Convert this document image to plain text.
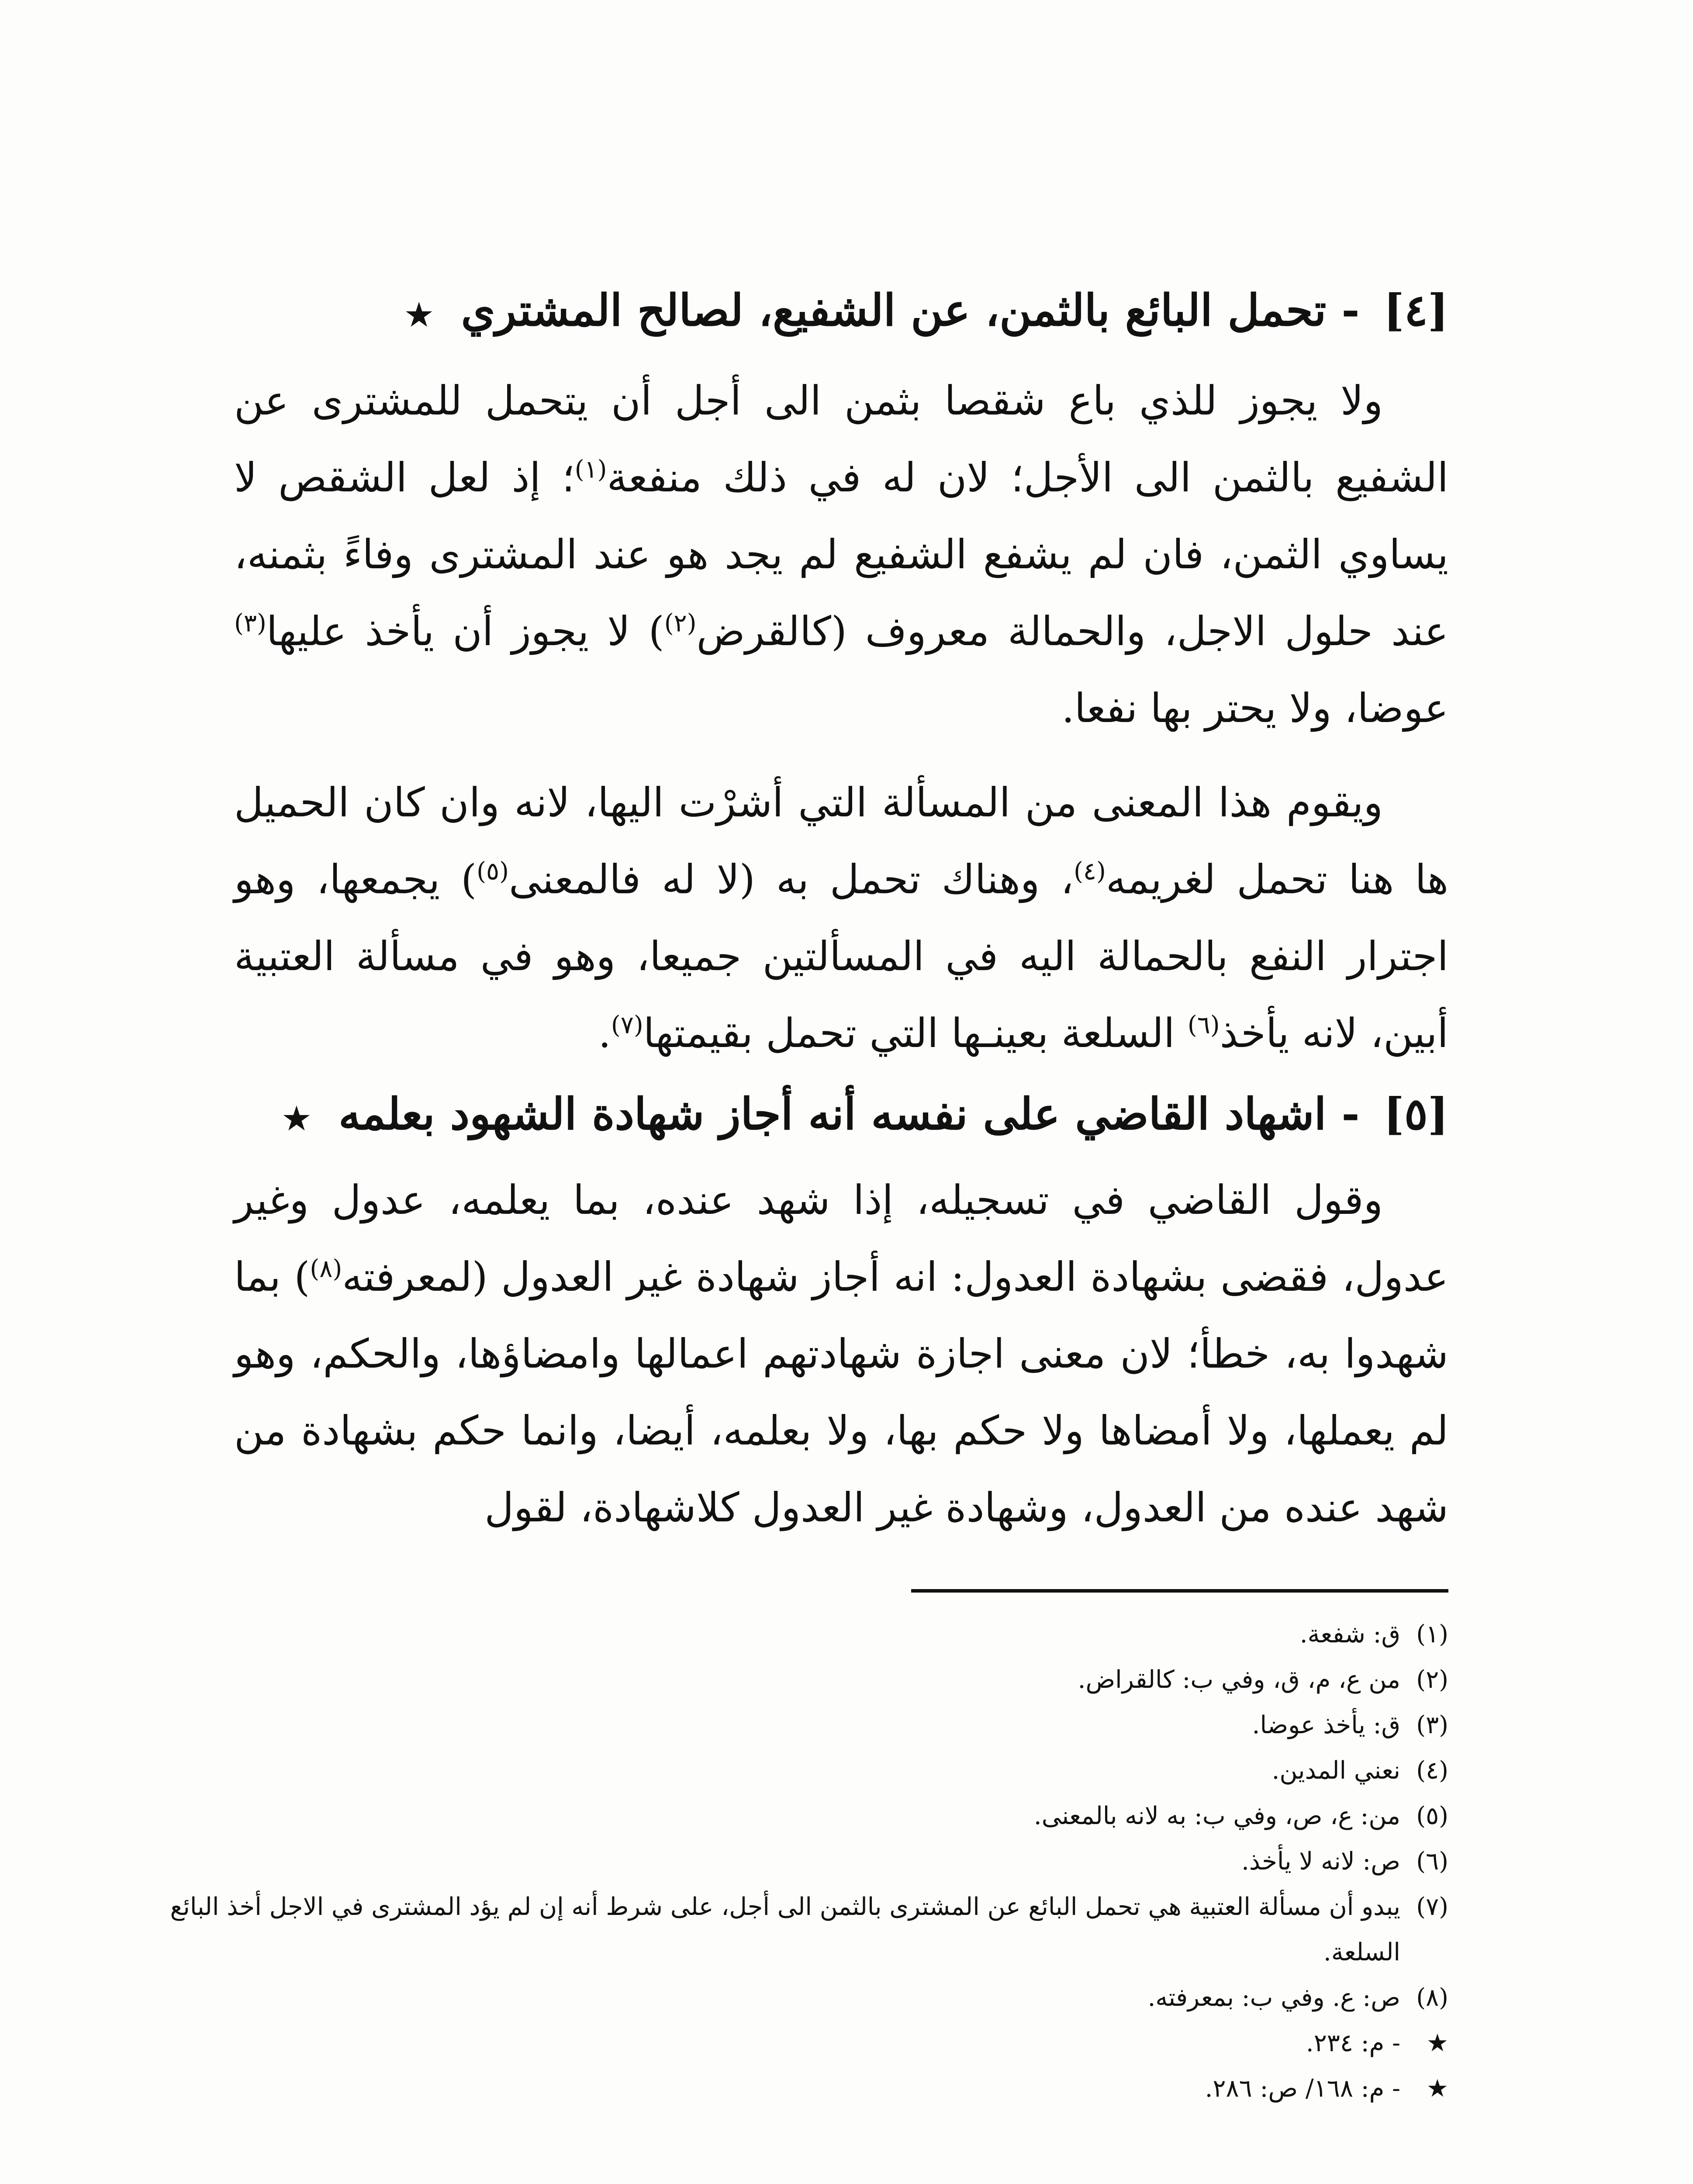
[٤] - تحمل البائع بالثمن، عن الشفيع، لصالح المشتري ★

ولا يجوز للذي باع شقصا بثمن الى أجل أن يتحمل للمشترى عن الشفيع بالثمن الى الأجل؛ لان له في ذلك منفعة$^{(١)}$؛ إذ لعل الشقص لا يساوي الثمن، فان لم يشفع الشفيع لم يجد هو عند المشترى وفاءً بثمنه، عند حلول الاجل، والحمالة معروف (كالقرض$^{(٢)}$) لا يجوز أن يأخذ عليها$^{(٣)}$ عوضا، ولا يحتر بها نفعا.

ويقوم هذا المعنى من المسألة التي أشرْت اليها، لانه وان كان الحميل ها هنا تحمل لغريمه$^{(٤)}$، وهناك تحمل به (لا له فالمعنى$^{(٥)}$) يجمعها، وهو اجترار النفع بالحمالة اليه في المسألتين جميعا، وهو في مسألة العتبية أبين، لانه يأخذ$^{(٦)}$ السلعة بعينـها التي تحمل بقيمتها$^{(٧)}$.

[٥] - اشهاد القاضي على نفسه أنه أجاز شهادة الشهود بعلمه ★

وقول القاضي في تسجيله، إذا شهد عنده، بما يعلمه، عدول وغير عدول، فقضى بشهادة العدول: انه أجاز شهادة غير العدول (لمعرفته$^{(٨)}$) بما شهدوا به، خطأ؛ لان معنى اجازة شهادتهم اعمالها وامضاؤها، والحكم، وهو لم يعملها، ولا أمضاها ولا حكم بها، ولا بعلمه، أيضا، وانما حكم بشهادة من شهد عنده من العدول، وشهادة غير العدول كلاشهادة، لقول

(١)
ق: شفعة.
(٢)
من ع، م، ق، وفي ب: كالقراض.
(٣)
ق: يأخذ عوضا.
(٤)
نعني المدين.
(٥)
من: ع، ص، وفي ب: به لانه بالمعنى.
(٦)
ص: لانه لا يأخذ.
(٧)
يبدو أن مسألة العتبية هي تحمل البائع عن المشترى بالثمن الى أجل، على شرط أنه إن لم يؤد المشترى في الاجل أخذ البائع السلعة.
(٨)
ص: ع. وفي ب: بمعرفته.
★
- م: ٢٣٤.
★
- م: ١٦٨/ ص: ٢٨٦.
